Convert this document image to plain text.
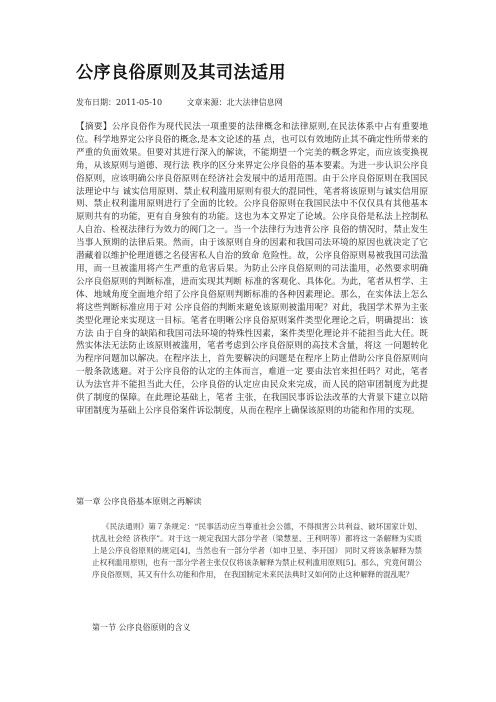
公序良俗原则及其司法适用
发布日期：2011-05-10	文章来源：北大法律信息网

【摘要】公序良俗作为现代民法一项重要的法律概念和法律原则,在民法体系中占有重要地位。科学地界定公序良俗的概念,是本文论述的基 点，也可以有效地防止其不确定性所带来的严重的负面效果。但要对其进行深入的解读，不能期望一个完美的概念界定，而应该变换视角，从该原则与道德、现行法 秩序的区分来界定公序良俗的基本要素。为进一步认识公序良俗原则，应该明确公序良俗原则在经济社会发展中的适用范围。由于公序良俗原则在我国民法理论中与 诚实信用原则、禁止权利滥用原则有很大的混同性，笔者将该原则与诚实信用原则、禁止权利滥用原则进行了全面的比较。公序良俗原则在我国民法中不仅仅具有其他基本原则共有的功能，更有自身独有的功能。这也为本文界定了论域。公序良俗是私法上控制私人自治、检视法律行为效力的阀门之一。当一个法律行为违背公序 良俗的情况时，禁止发生当事人预期的法律后果。然而，由于该原则自身的因素和我国司法环境的原因也就决定了它潜藏着以维护伦理道德之名侵害私人自治的致命 危险性。故，公序良俗原则易被我国司法滥用，而一旦被滥用将产生严重的危害后果。为防止公序良俗原则的司法滥用，必然要求明确公序良俗原则的判断标准，进而实现其判断 标准的客观化、具体化。为此，笔者从哲学、主体、地域角度全面地介绍了公序良俗原则判断标准的各种因素理论。那么，在实体法上怎么将这些判断标准应用于对 公序良俗的判断来避免该原则被滥用呢？对此，我国学术界为主张类型化理论来实现这一目标。笔者在明晰公序良俗原则案件类型化理论之后，明确提出：该方法 由于自身的缺陷和我国司法环境的特殊性因素，案件类型化理论并不能担当此大任。既然实体法无法防止该原则被滥用，笔者考虑到公序良俗原则的高技术含量，将这 一问题转化为程序问题加以解决。在程序法上，首先要解决的问题是在程序上防止借助公序良俗原则向一般条款逃避。对于公序良俗的认定的主体而言，难道一定 要由法官来担任吗？对此，笔者认为法官并不能担当此大任，公序良俗的认定应由民众来完成，而人民的陪审团制度为此提供了制度的保障。在此理论基础上，笔者 主张，在我国民事诉讼法改革的大背景下建立以陪审团制度为基础上公序良俗案件诉讼制度，从而在程序上确保该原则的功能和作用的实现。

第一章 公序良俗基本原则之再解读
《民法通则》第７条规定：“民事活动应当尊重社会公德，不得损害公共利益、破坏国家计划、扰乱社会经 济秩序”。对于这一规定我国大部分学者（梁慧星、王利明等）都将这一条解释为实质上是公序良俗原则的规定[4]，当然也有一部分学者（如申卫星、李开国） 同时又将该条解释为禁止权利滥用原则，也有一部分学者主张仅仅将该条解释为禁止权利滥用原则[5]。那么，究竟何谓公序良俗原则，其又有什么功能和作用， 在我国制定未来民法典时又如何防止这种解释的混乱呢？
第一节 公序良俗原则的含义
